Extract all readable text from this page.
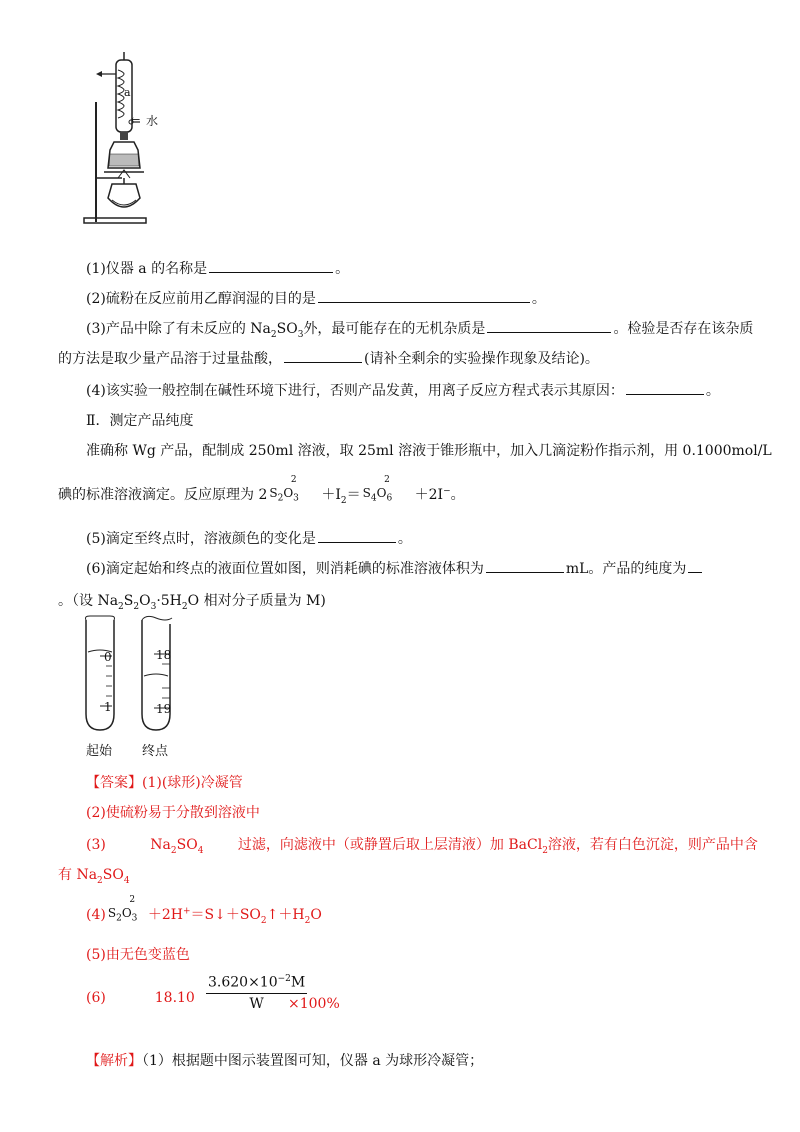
a
← 水
(1)仪器 a 的名称是	。
(2)硫粉在反应前用乙醇润湿的目的是	。
(3)产品中除了有未反应的 $Na_2SO_3$外，最可能存在的无机杂质是	。检验是否存在该杂质
的方法是取少量产品溶于过量盐酸，	(请补全剩余的实验操作现象及结论)。
(4)该实验一般控制在碱性环境下进行，否则产品发黄，用离子反应方程式表示其原因：	。
Ⅱ．测定产品纯度
准确称 Wg 产品，配制成 250ml 溶液，取 25ml 溶液于锥形瓶中，加入几滴淀粉作指示剂，用 0.1000mol/L
碘的标准溶液滴定。反应原理为 2 $S_2O_3^2$
$+I_2= S_4O_6^2$
＋2I−。
(5)滴定至终点时，溶液颜色的变化是	。
(6)滴定起始和终点的液面位置如图，则消耗碘的标准溶液体积为	mL。产品的纯度为
。（设 $Na_2S_2O_3\cdot 5H_2O$ 相对分子质量为 M)
0
1
18
19
起始 终点
【答案】(1)(球形)冷凝管
(2)使硫粉易于分散到溶液中
(3)	$Na_2SO_4$ 过滤，向滤液中（或静置后取上层清液）加 BaCl$_2$溶液，若有白色沉淀，则产品中含
有 $Na_2SO_4$
(4) $S_2O_3^2$
$+2H^+=S↓+SO_2↑+H_2O$
(5)由无色变蓝色
(6)	18.10
$3.620\times 10^{-2}M$
W	×100%
【解析】（1）根据题中图示装置图可知，仪器 a 为球形冷凝管；
